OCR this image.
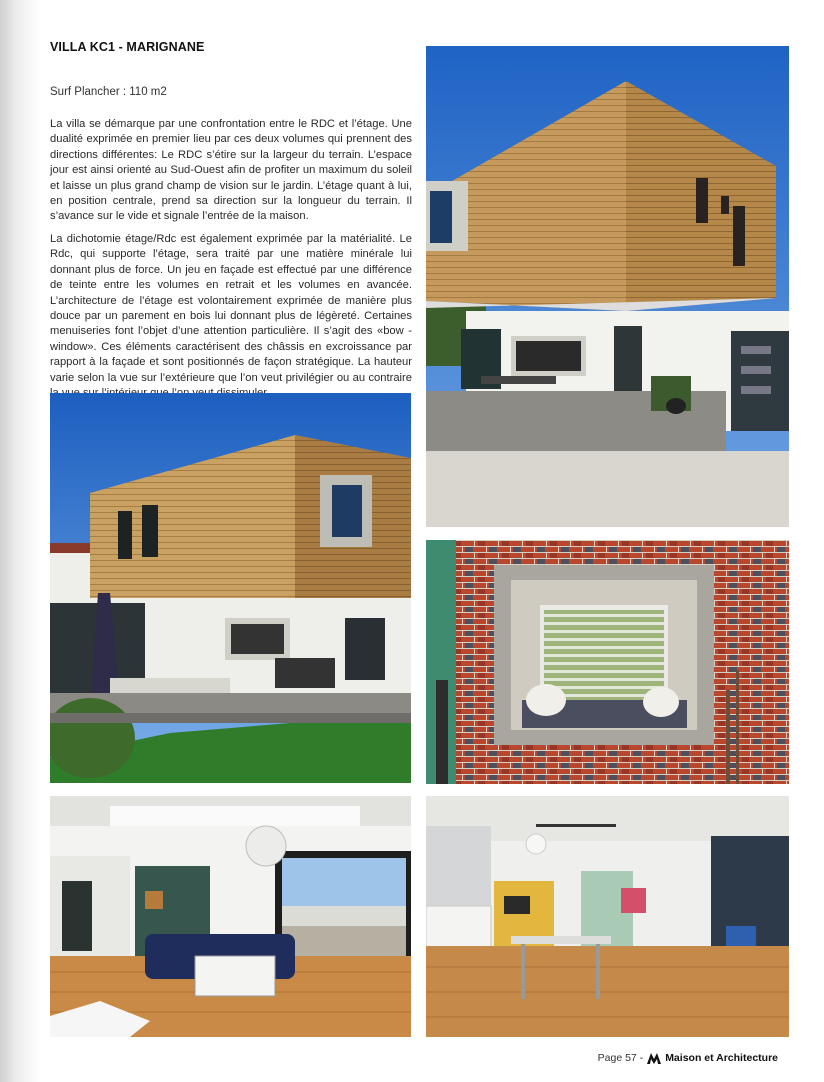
VILLA KC1 - MARIGNANE
Surf Plancher : 110 m2

La villa se démarque par une confrontation entre le RDC et l’étage. Une dualité exprimée en premier lieu par ces deux volumes qui prennent des directions différentes: Le RDC s’étire sur la largeur du terrain. L’espace jour est ainsi orienté au Sud-Ouest afin de profiter un maximum du soleil et laisse un plus grand champ de vision sur le jardin. L’étage quant à lui, en position centrale, prend sa direction sur la longueur du terrain. Il s’avance sur le vide et signale l’entrée de la maison.

La dichotomie étage/Rdc est également exprimée par la matérialité. Le Rdc, qui supporte l’étage, sera traité par une matière minérale lui donnant plus de force. Un jeu en façade est effectué par une différence de teinte entre les volumes en retrait et les volumes en avancée. L’architecture de l’étage est volontairement exprimée de manière plus douce par un parement en bois lui donnant plus de légèreté. Certaines menuiseries font l’objet d’une attention particulière. Il s’agit des «bow - window». Ces éléments caractérisent des châssis en excroissance par rapport à la façade et sont positionnés de façon stratégique. La hauteur varie selon la vue sur l’extérieure que l’on veut privilégier ou au contraire

Page 57 - Maison et Architecture
